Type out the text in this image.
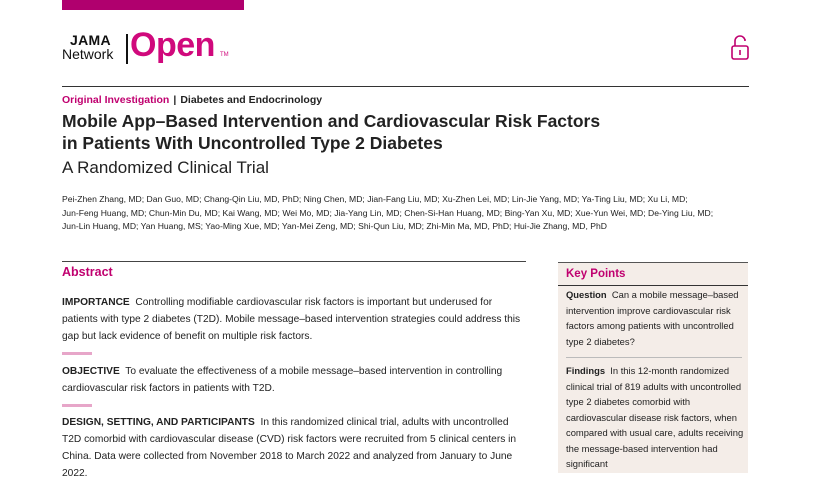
JAMA
Network Open TM
Original Investigation | Diabetes and Endocrinology
Mobile App–Based Intervention and Cardiovascular Risk Factors
in Patients With Uncontrolled Type 2 Diabetes
A Randomized Clinical Trial
Pei-Zhen Zhang, MD; Dan Guo, MD; Chang-Qin Liu, MD, PhD; Ning Chen, MD; Jian-Fang Liu, MD; Xu-Zhen Lei, MD; Lin-Jie Yang, MD; Ya-Ting Liu, MD; Xu Li, MD;
Jun-Feng Huang, MD; Chun-Min Du, MD; Kai Wang, MD; Wei Mo, MD; Jia-Yang Lin, MD; Chen-Si-Han Huang, MD; Bing-Yan Xu, MD; Xue-Yun Wei, MD; De-Ying Liu, MD;
Jun-Lin Huang, MD; Yan Huang, MS; Yao-Ming Xue, MD; Yan-Mei Zeng, MD; Shi-Qun Liu, MD; Zhi-Min Ma, MD, PhD; Hui-Jie Zhang, MD, PhD
Abstract
IMPORTANCE Controlling modifiable cardiovascular risk factors is important but underused for patients with type 2 diabetes (T2D). Mobile message–based intervention strategies could address this gap but lack evidence of benefit on multiple risk factors.
OBJECTIVE To evaluate the effectiveness of a mobile message–based intervention in controlling cardiovascular risk factors in patients with T2D.
DESIGN, SETTING, AND PARTICIPANTS In this randomized clinical trial, adults with uncontrolled T2D comorbid with cardiovascular disease (CVD) risk factors were recruited from 5 clinical centers in China. Data were collected from November 2018 to March 2022 and analyzed from January to June 2022.
Key Points
Question Can a mobile message–based intervention improve cardiovascular risk factors among patients with uncontrolled type 2 diabetes?
Findings In this 12-month randomized clinical trial of 819 adults with uncontrolled type 2 diabetes comorbid with cardiovascular disease risk factors, when compared with usual care, adults receiving the message-based intervention had significant
